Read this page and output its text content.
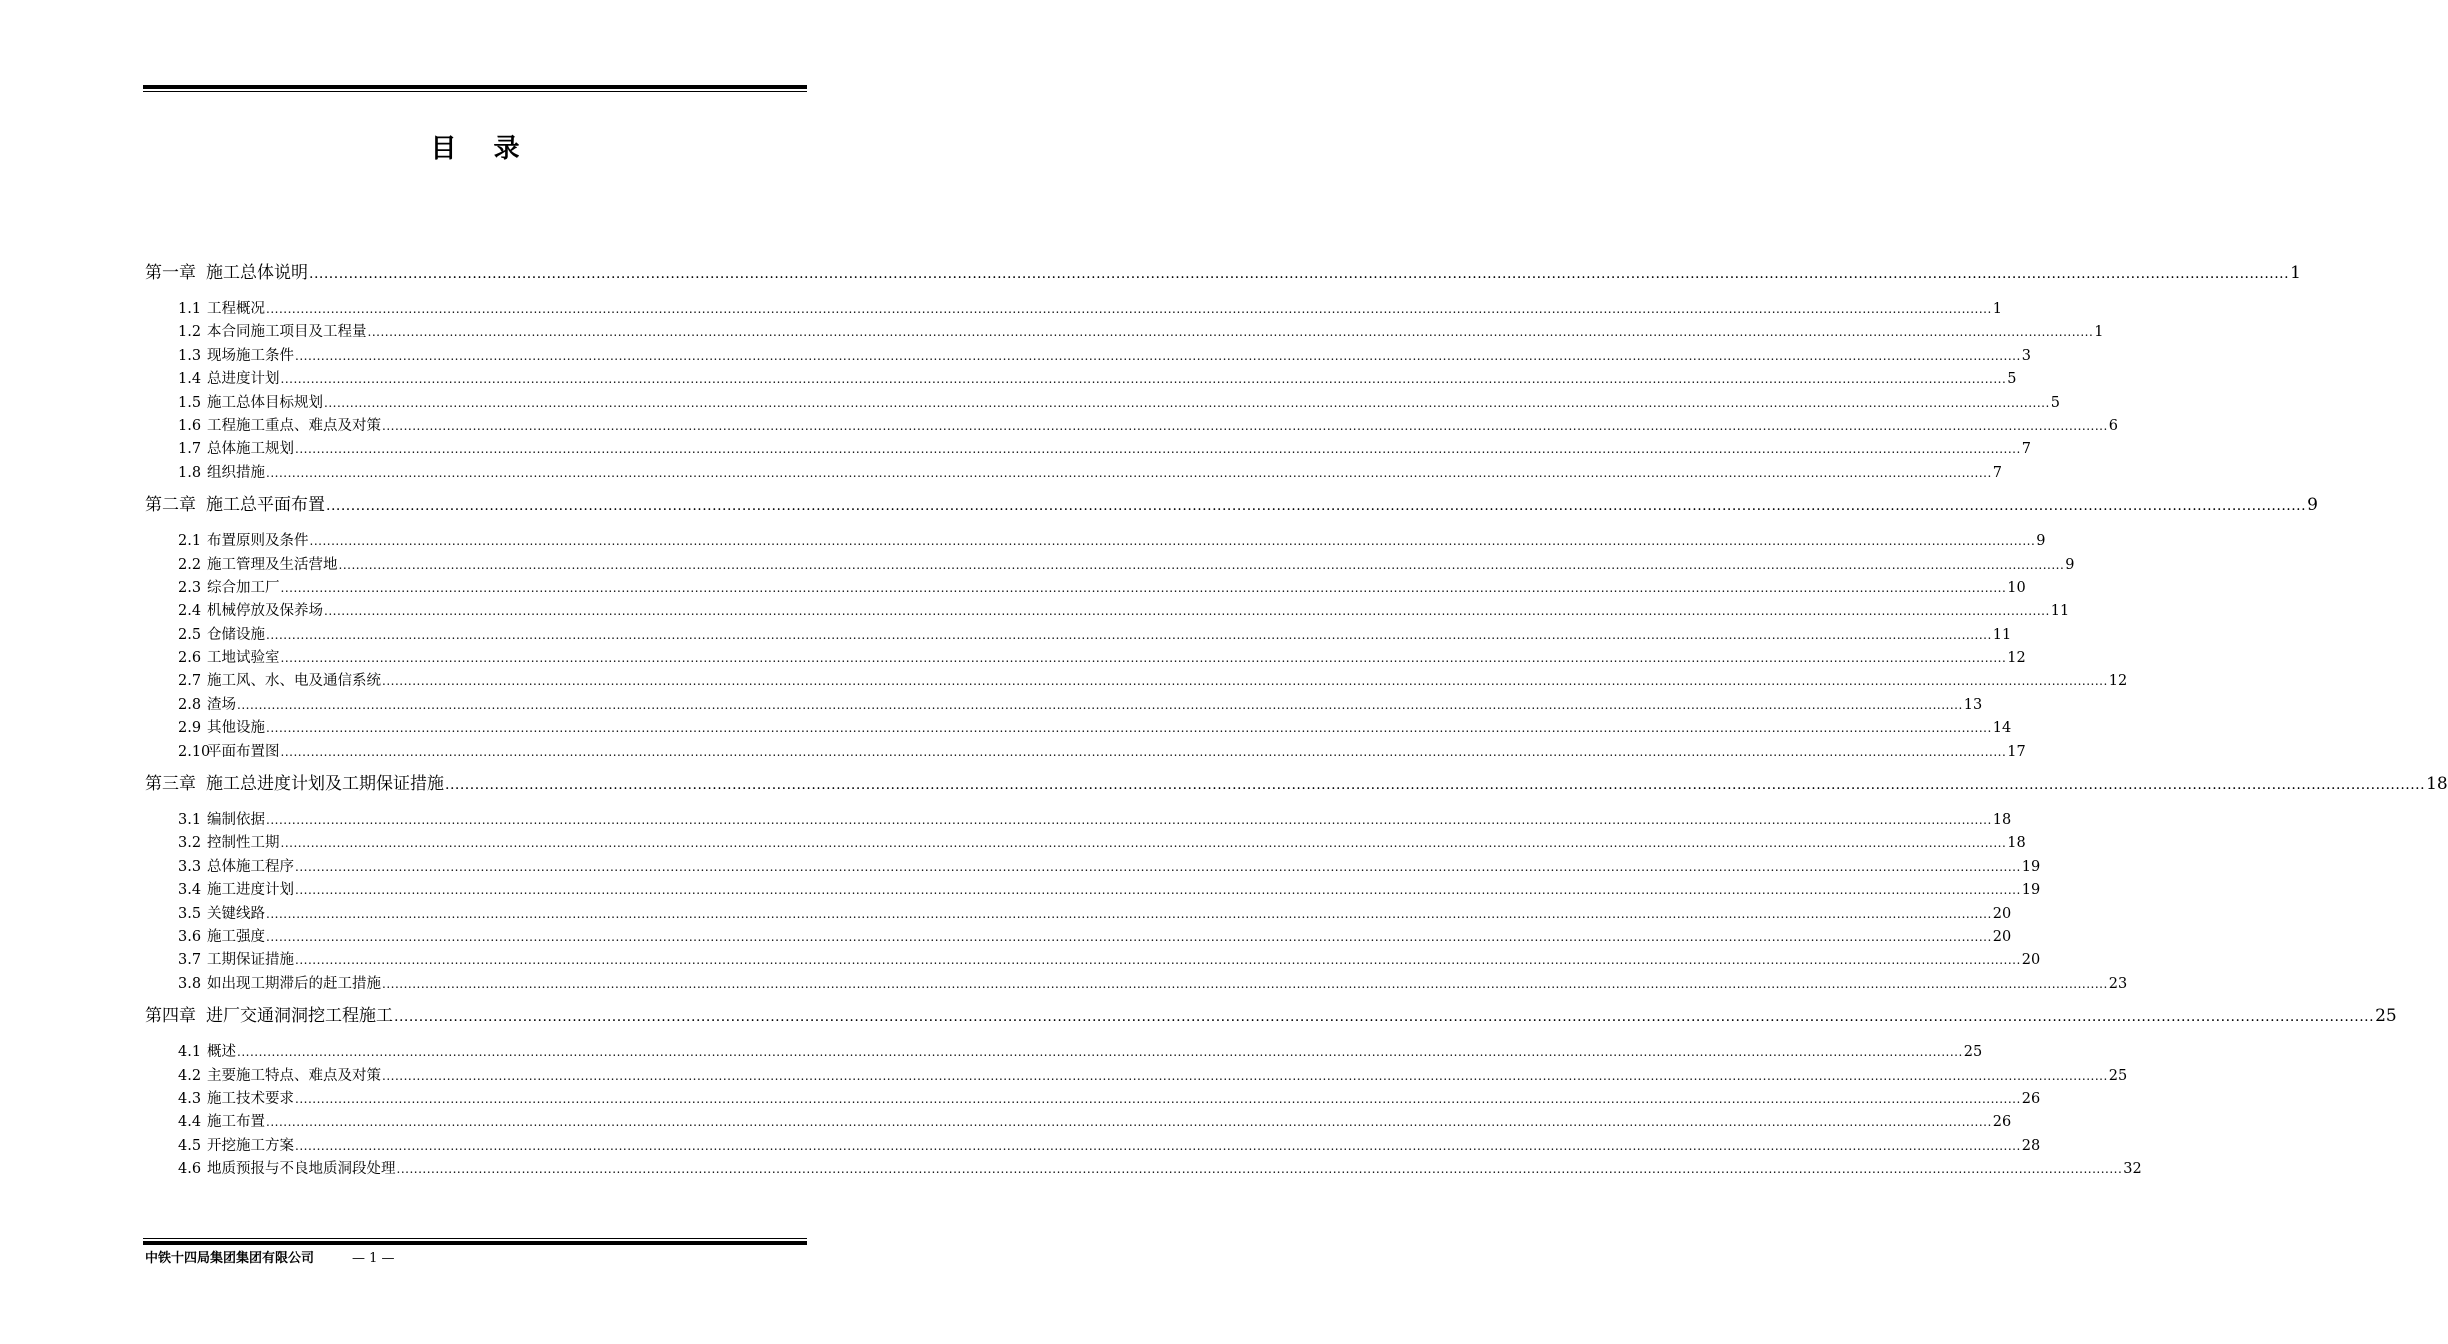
目 录
第一章 施工总体说明 ................................................................................................................................................................................................................................................................................................................................................................................................................ 1
1.1 工程概况 ................................................................................................................................................................................................................................................................................................................................................................................................................ 1
1.2 本合同施工项目及工程量 ................................................................................................................................................................................................................................................................................................................................................................................................................ 1
1.3 现场施工条件 ................................................................................................................................................................................................................................................................................................................................................................................................................ 3
1.4 总进度计划 ................................................................................................................................................................................................................................................................................................................................................................................................................ 5
1.5 施工总体目标规划 ................................................................................................................................................................................................................................................................................................................................................................................................................ 5
1.6 工程施工重点、难点及对策 ................................................................................................................................................................................................................................................................................................................................................................................................................ 6
1.7 总体施工规划 ................................................................................................................................................................................................................................................................................................................................................................................................................ 7
1.8 组织措施 ................................................................................................................................................................................................................................................................................................................................................................................................................ 7
第二章 施工总平面布置 ................................................................................................................................................................................................................................................................................................................................................................................................................ 9
2.1 布置原则及条件 ................................................................................................................................................................................................................................................................................................................................................................................................................ 9
2.2 施工管理及生活营地 ................................................................................................................................................................................................................................................................................................................................................................................................................ 9
2.3 综合加工厂 ................................................................................................................................................................................................................................................................................................................................................................................................................ 10
2.4 机械停放及保养场 ................................................................................................................................................................................................................................................................................................................................................................................................................ 11
2.5 仓储设施 ................................................................................................................................................................................................................................................................................................................................................................................................................ 11
2.6 工地试验室 ................................................................................................................................................................................................................................................................................................................................................................................................................ 12
2.7 施工风、水、电及通信系统 ................................................................................................................................................................................................................................................................................................................................................................................................................ 12
2.8 渣场 ................................................................................................................................................................................................................................................................................................................................................................................................................ 13
2.9 其他设施 ................................................................................................................................................................................................................................................................................................................................................................................................................ 14
2.10
平面布置图 ................................................................................................................................................................................................................................................................................................................................................................................................................ 17
第三章 施工总进度计划及工期保证措施 ................................................................................................................................................................................................................................................................................................................................................................................................................ 18
3.1 编制依据 ................................................................................................................................................................................................................................................................................................................................................................................................................ 18
3.2 控制性工期 ................................................................................................................................................................................................................................................................................................................................................................................................................ 18
3.3 总体施工程序 ................................................................................................................................................................................................................................................................................................................................................................................................................ 19
3.4 施工进度计划 ................................................................................................................................................................................................................................................................................................................................................................................................................ 19
3.5 关键线路 ................................................................................................................................................................................................................................................................................................................................................................................................................ 20
3.6 施工强度 ................................................................................................................................................................................................................................................................................................................................................................................................................ 20
3.7 工期保证措施 ................................................................................................................................................................................................................................................................................................................................................................................................................ 20
3.8 如出现工期滞后的赶工措施 ................................................................................................................................................................................................................................................................................................................................................................................................................ 23
第四章 进厂交通洞洞挖工程施工 ................................................................................................................................................................................................................................................................................................................................................................................................................ 25
4.1 概述 ................................................................................................................................................................................................................................................................................................................................................................................................................ 25
4.2 主要施工特点、难点及对策 ................................................................................................................................................................................................................................................................................................................................................................................................................ 25
4.3 施工技术要求 ................................................................................................................................................................................................................................................................................................................................................................................................................ 26
4.4 施工布置 ................................................................................................................................................................................................................................................................................................................................................................................................................ 26
4.5 开挖施工方案 ................................................................................................................................................................................................................................................................................................................................................................................................................ 28
4.6 地质预报与不良地质洞段处理 ................................................................................................................................................................................................................................................................................................................................................................................................................ 32
中铁十四局集团集团有限公司	— 1 —
